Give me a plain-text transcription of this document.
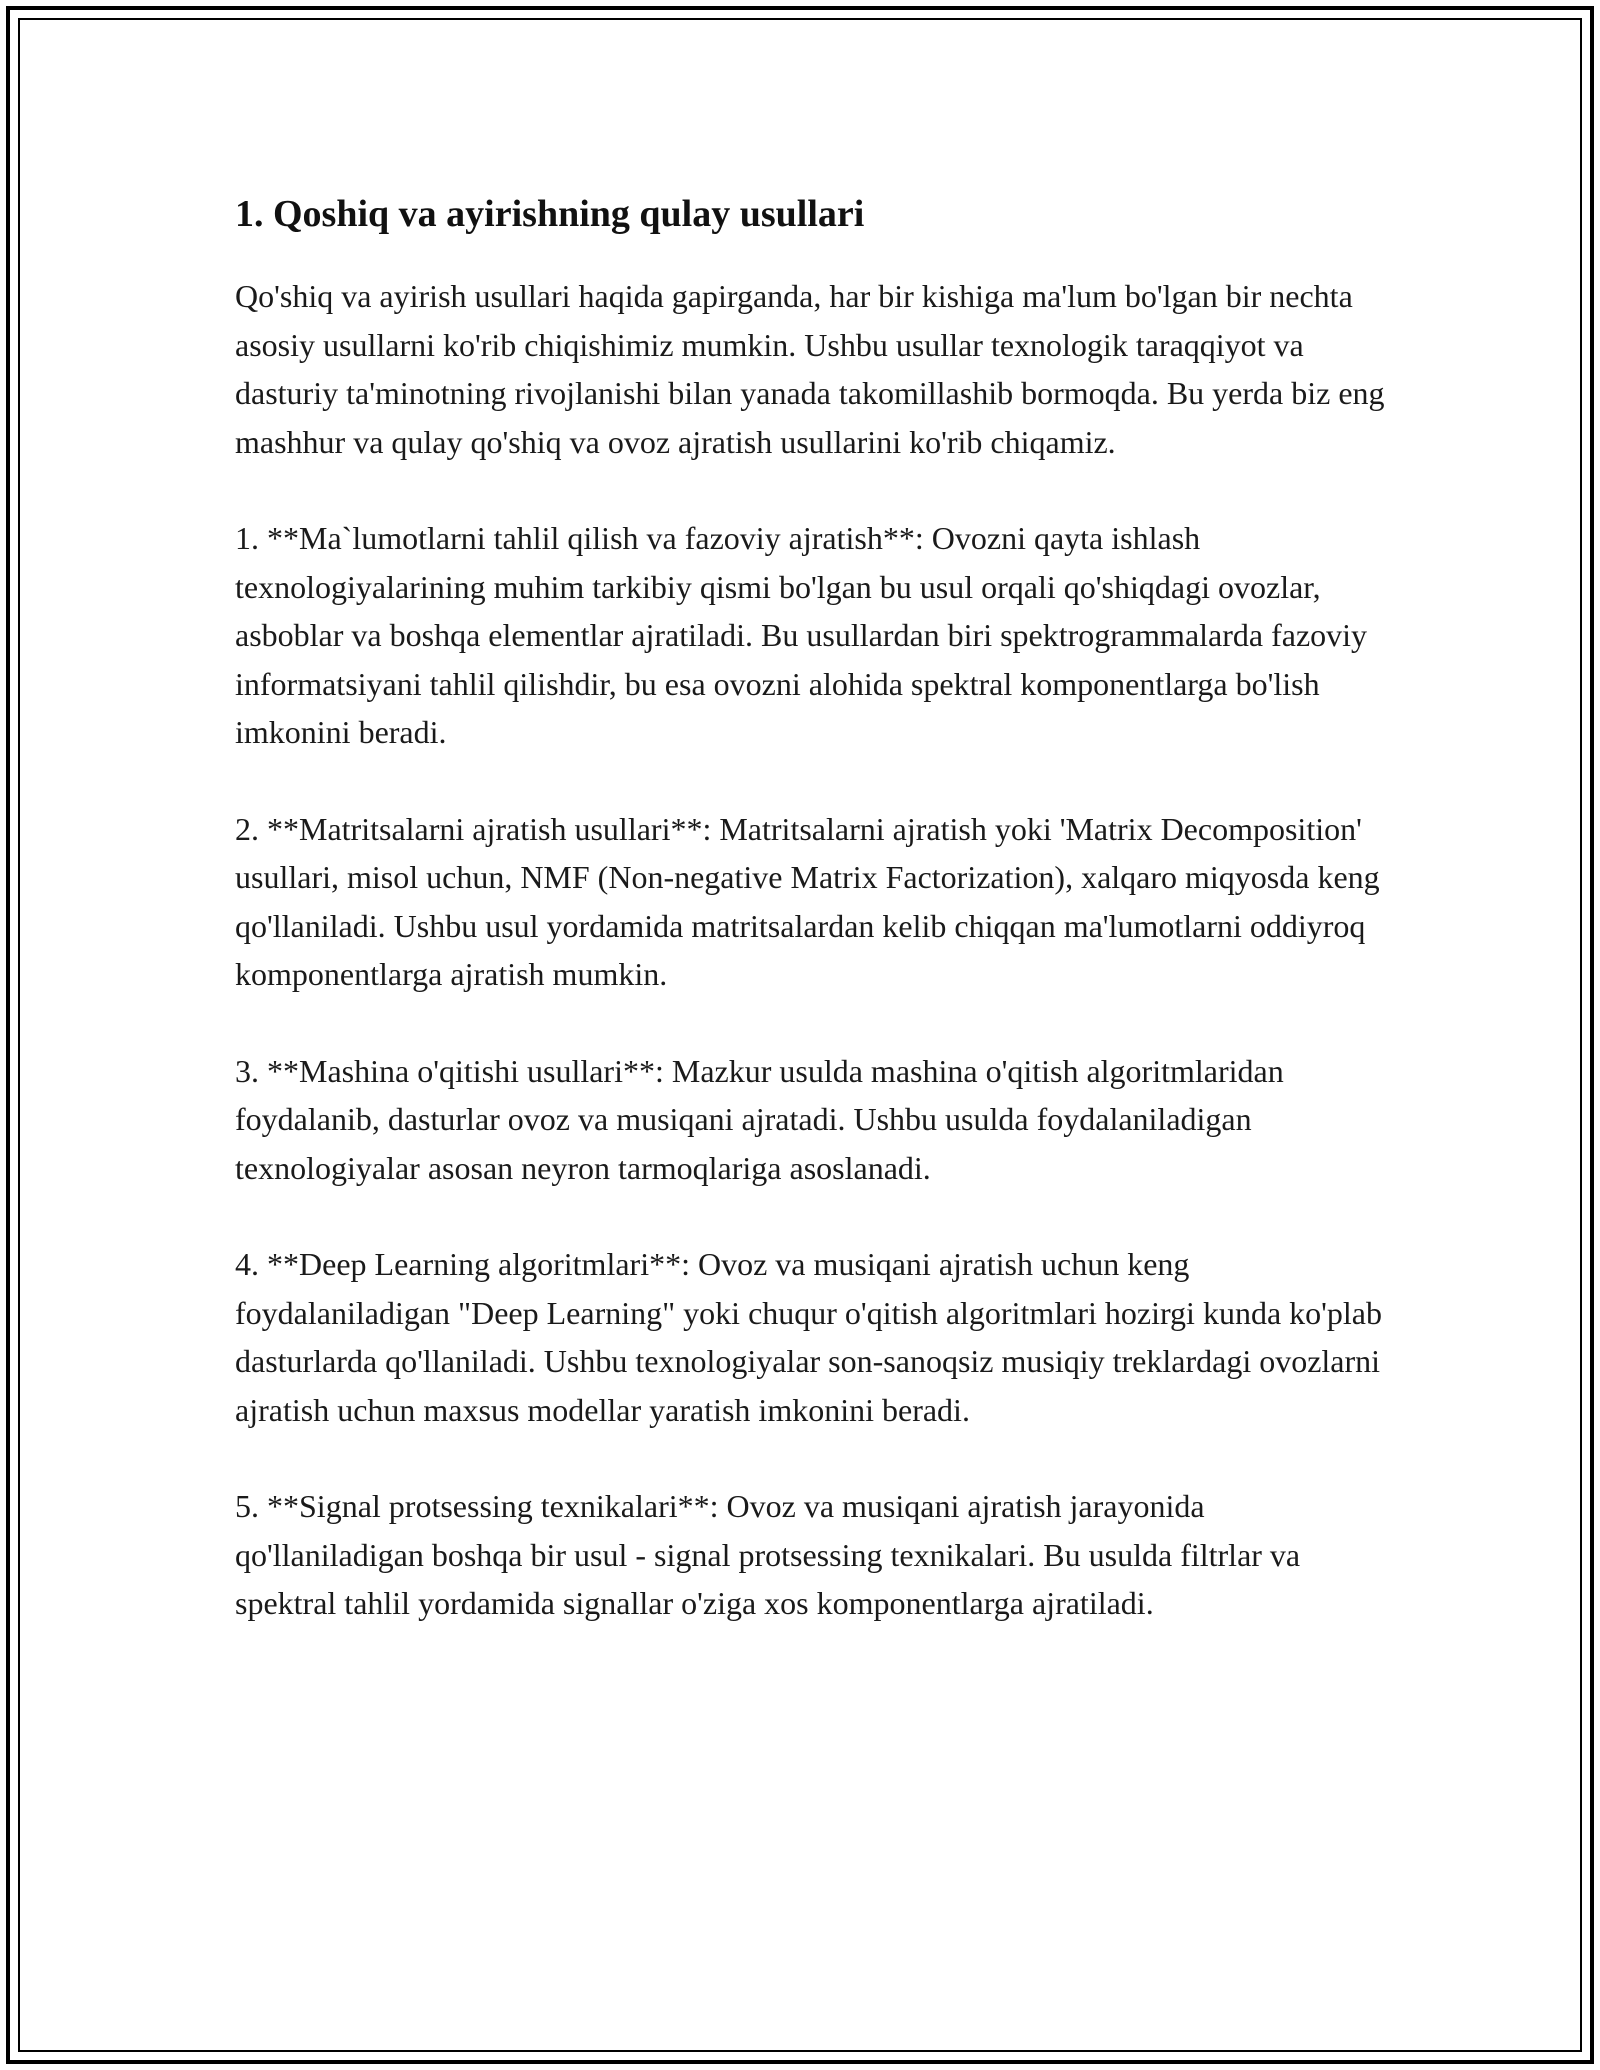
1. Qoshiq va ayirishning qulay usullari

Qo'shiq va ayirish usullari haqida gapirganda, har bir kishiga ma'lum bo'lgan bir nechta asosiy usullarni ko'rib chiqishimiz mumkin. Ushbu usullar texnologik taraqqiyot va dasturiy ta'minotning rivojlanishi bilan yanada takomillashib bormoqda. Bu yerda biz eng mashhur va qulay qo'shiq va ovoz ajratish usullarini ko'rib chiqamiz.

1. **Ma`lumotlarni tahlil qilish va fazoviy ajratish**: Ovozni qayta ishlash texnologiyalarining muhim tarkibiy qismi bo'lgan bu usul orqali qo'shiqdagi ovozlar, asboblar va boshqa elementlar ajratiladi. Bu usullardan biri spektrogrammalarda fazoviy informatsiyani tahlil qilishdir, bu esa ovozni alohida spektral komponentlarga bo'lish imkonini beradi.

2. **Matritsalarni ajratish usullari**: Matritsalarni ajratish yoki 'Matrix Decomposition' usullari, misol uchun, NMF (Non-negative Matrix Factorization), xalqaro miqyosda keng qo'llaniladi. Ushbu usul yordamida matritsalardan kelib chiqqan ma'lumotlarni oddiyroq komponentlarga ajratish mumkin.

3. **Mashina o'qitishi usullari**: Mazkur usulda mashina o'qitish algoritmlaridan foydalanib, dasturlar ovoz va musiqani ajratadi. Ushbu usulda foydalaniladigan texnologiyalar asosan neyron tarmoqlariga asoslanadi.

4. **Deep Learning algoritmlari**: Ovoz va musiqani ajratish uchun keng foydalaniladigan "Deep Learning" yoki chuqur o'qitish algoritmlari hozirgi kunda ko'plab dasturlarda qo'llaniladi. Ushbu texnologiyalar son-sanoqsiz musiqiy treklardagi ovozlarni ajratish uchun maxsus modellar yaratish imkonini beradi.

5. **Signal protsessing texnikalari**: Ovoz va musiqani ajratish jarayonida qo'llaniladigan boshqa bir usul - signal protsessing texnikalari. Bu usulda filtrlar va spektral tahlil yordamida signallar o'ziga xos komponentlarga ajratiladi.
